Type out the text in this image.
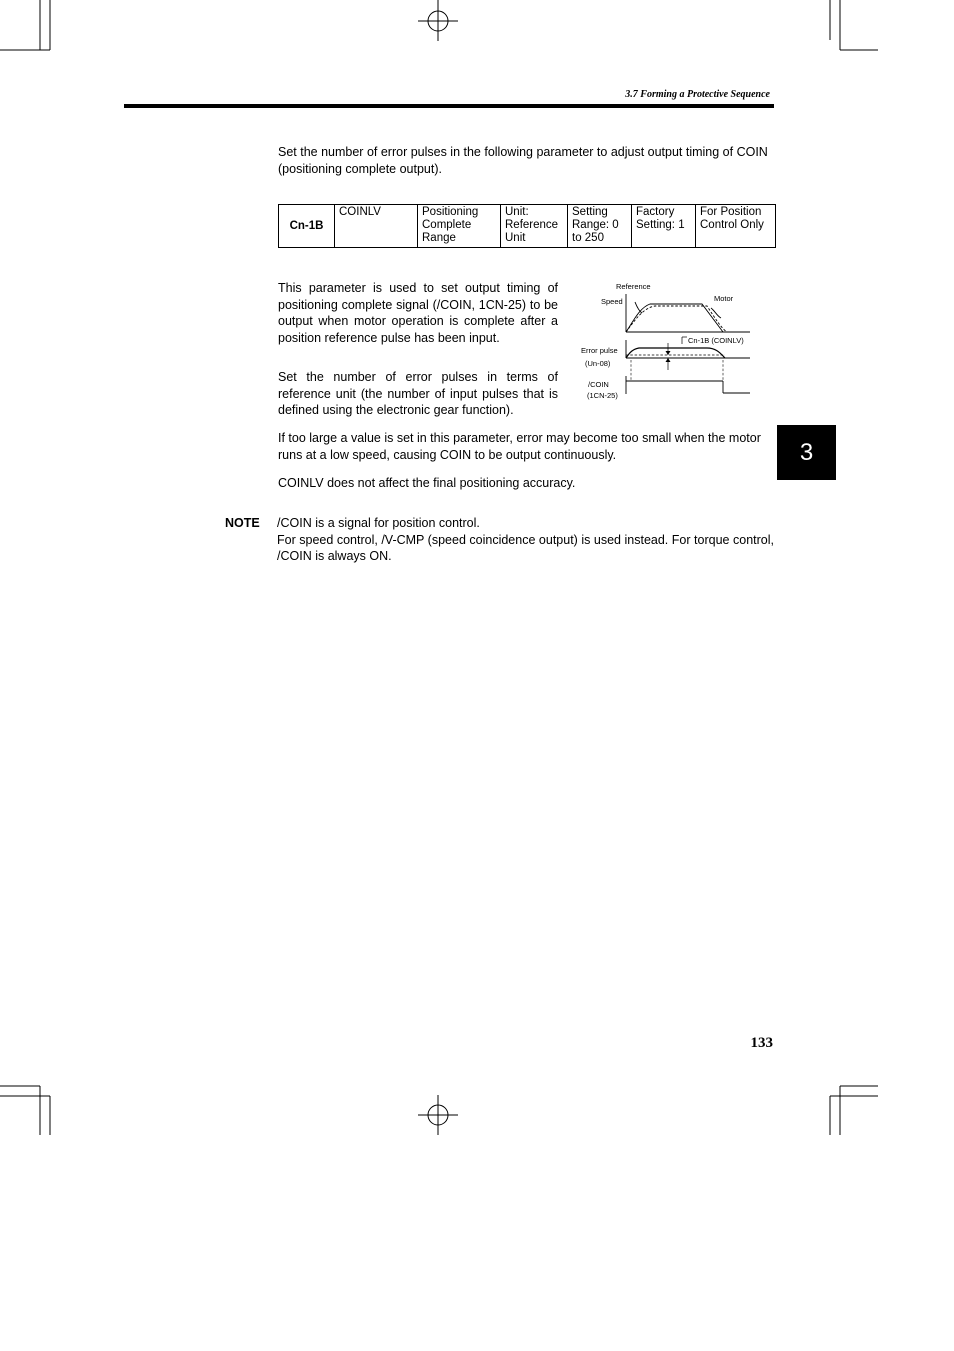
3.7 Forming a Protective Sequence
Set the number of error pulses in the following parameter to adjust output timing of COIN (positioning complete output).
Cn-1B	COINLV	Positioning Complete Range	Unit: Reference Unit	Setting Range: 0 to 250	Factory Setting: 1	For Position Control Only
This parameter is used to set output timing of positioning complete signal (/COIN, 1CN-25) to be output when motor operation is complete after a position reference pulse has been input.
Set the number of error pulses in terms of reference unit (the number of input pulses that is defined using the electronic gear function).
Reference
Speed	Motor
Cn-1B (COINLV)
Error pulse
(Un-08)
/COIN
(1CN-25)
If too large a value is set in this parameter, error may become too small when the motor runs at a low speed, causing COIN to be output continuously.
COINLV does not affect the final positioning accuracy.
NOTE /COIN is a signal for position control.
For speed control, /V-CMP (speed coincidence output) is used instead. For torque control, /COIN is always ON.
3
133
